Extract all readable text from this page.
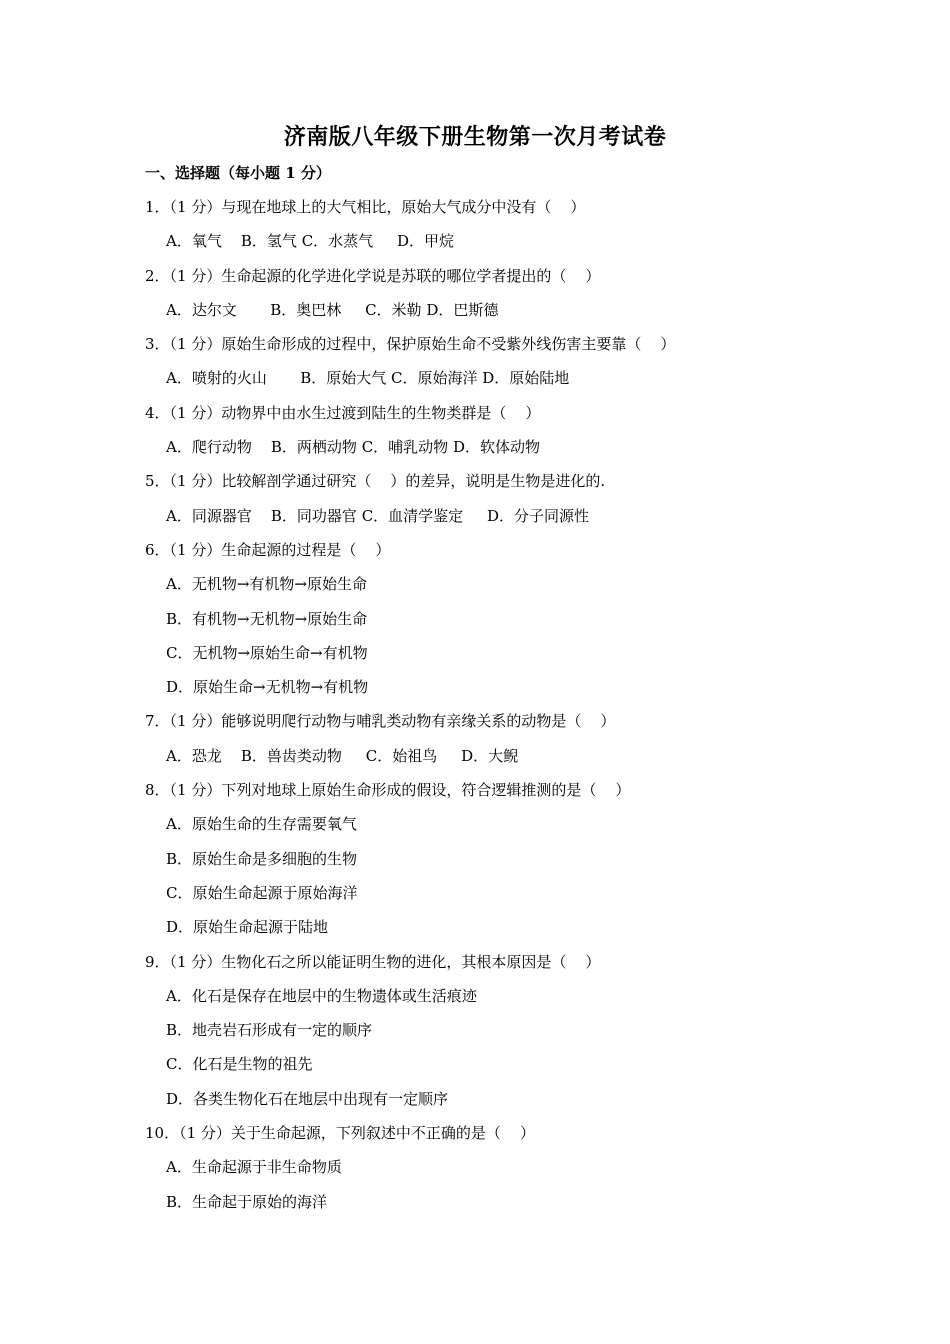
济南版八年级下册生物第一次月考试卷
一、选择题（每小题 1 分）
1．（1 分）与现在地球上的大气相比，原始大气成分中没有（    ）
A．氧气    B．氢气 C．水蒸气     D．甲烷
2．（1 分）生命起源的化学进化学说是苏联的哪位学者提出的（    ）
A．达尔文       B．奥巴林     C．米勒 D．巴斯德
3．（1 分）原始生命形成的过程中，保护原始生命不受紫外线伤害主要靠（    ）
A．喷射的火山       B．原始大气 C．原始海洋 D．原始陆地
4．（1 分）动物界中由水生过渡到陆生的生物类群是（    ）
A．爬行动物    B．两栖动物 C．哺乳动物 D．软体动物
5．（1 分）比较解剖学通过研究（    ）的差异，说明是生物是进化的.
A．同源器官    B．同功器官 C．血清学鉴定     D．分子同源性
6．（1 分）生命起源的过程是（    ）
A．无机物→有机物→原始生命
B．有机物→无机物→原始生命
C．无机物→原始生命→有机物
D．原始生命→无机物→有机物
7．（1 分）能够说明爬行动物与哺乳类动物有亲缘关系的动物是（    ）
A．恐龙    B．兽齿类动物     C．始祖鸟     D．大鲵
8．（1 分）下列对地球上原始生命形成的假设，符合逻辑推测的是（    ）
A．原始生命的生存需要氧气
B．原始生命是多细胞的生物
C．原始生命起源于原始海洋
D．原始生命起源于陆地
9．（1 分）生物化石之所以能证明生物的进化，其根本原因是（    ）
A．化石是保存在地层中的生物遗体或生活痕迹
B．地壳岩石形成有一定的顺序
C．化石是生物的祖先
D．各类生物化石在地层中出现有一定顺序
10．（1 分）关于生命起源，下列叙述中不正确的是（    ）
A．生命起源于非生命物质
B．生命起于原始的海洋
